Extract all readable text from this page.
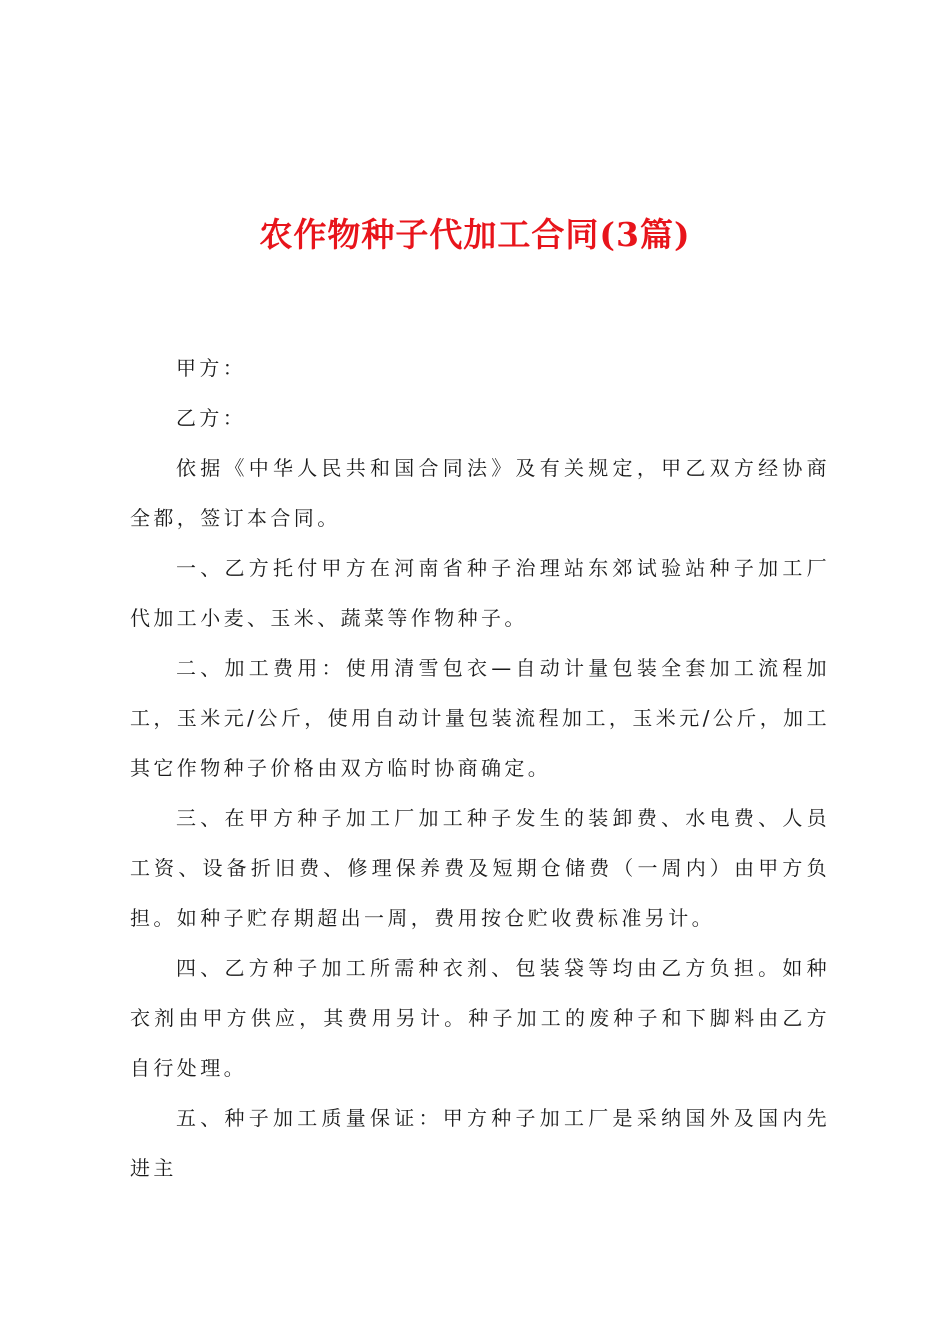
农作物种子代加工合同(3篇)

甲方：

乙方：

依据《中华人民共和国合同法》及有关规定，甲乙双方经协商全都，签订本合同。

一、乙方托付甲方在河南省种子治理站东郊试验站种子加工厂代加工小麦、玉米、蔬菜等作物种子。

二、加工费用：使用清雪包衣—自动计量包装全套加工流程加工，玉米元/公斤，使用自动计量包装流程加工，玉米元/公斤，加工其它作物种子价格由双方临时协商确定。

三、在甲方种子加工厂加工种子发生的装卸费、水电费、人员工资、设备折旧费、修理保养费及短期仓储费（一周内）由甲方负担。如种子贮存期超出一周，费用按仓贮收费标准另计。

四、乙方种子加工所需种衣剂、包装袋等均由乙方负担。如种衣剂由甲方供应，其费用另计。种子加工的废种子和下脚料由乙方自行处理。

五、种子加工质量保证：甲方种子加工厂是采纳国外及国内先进主
